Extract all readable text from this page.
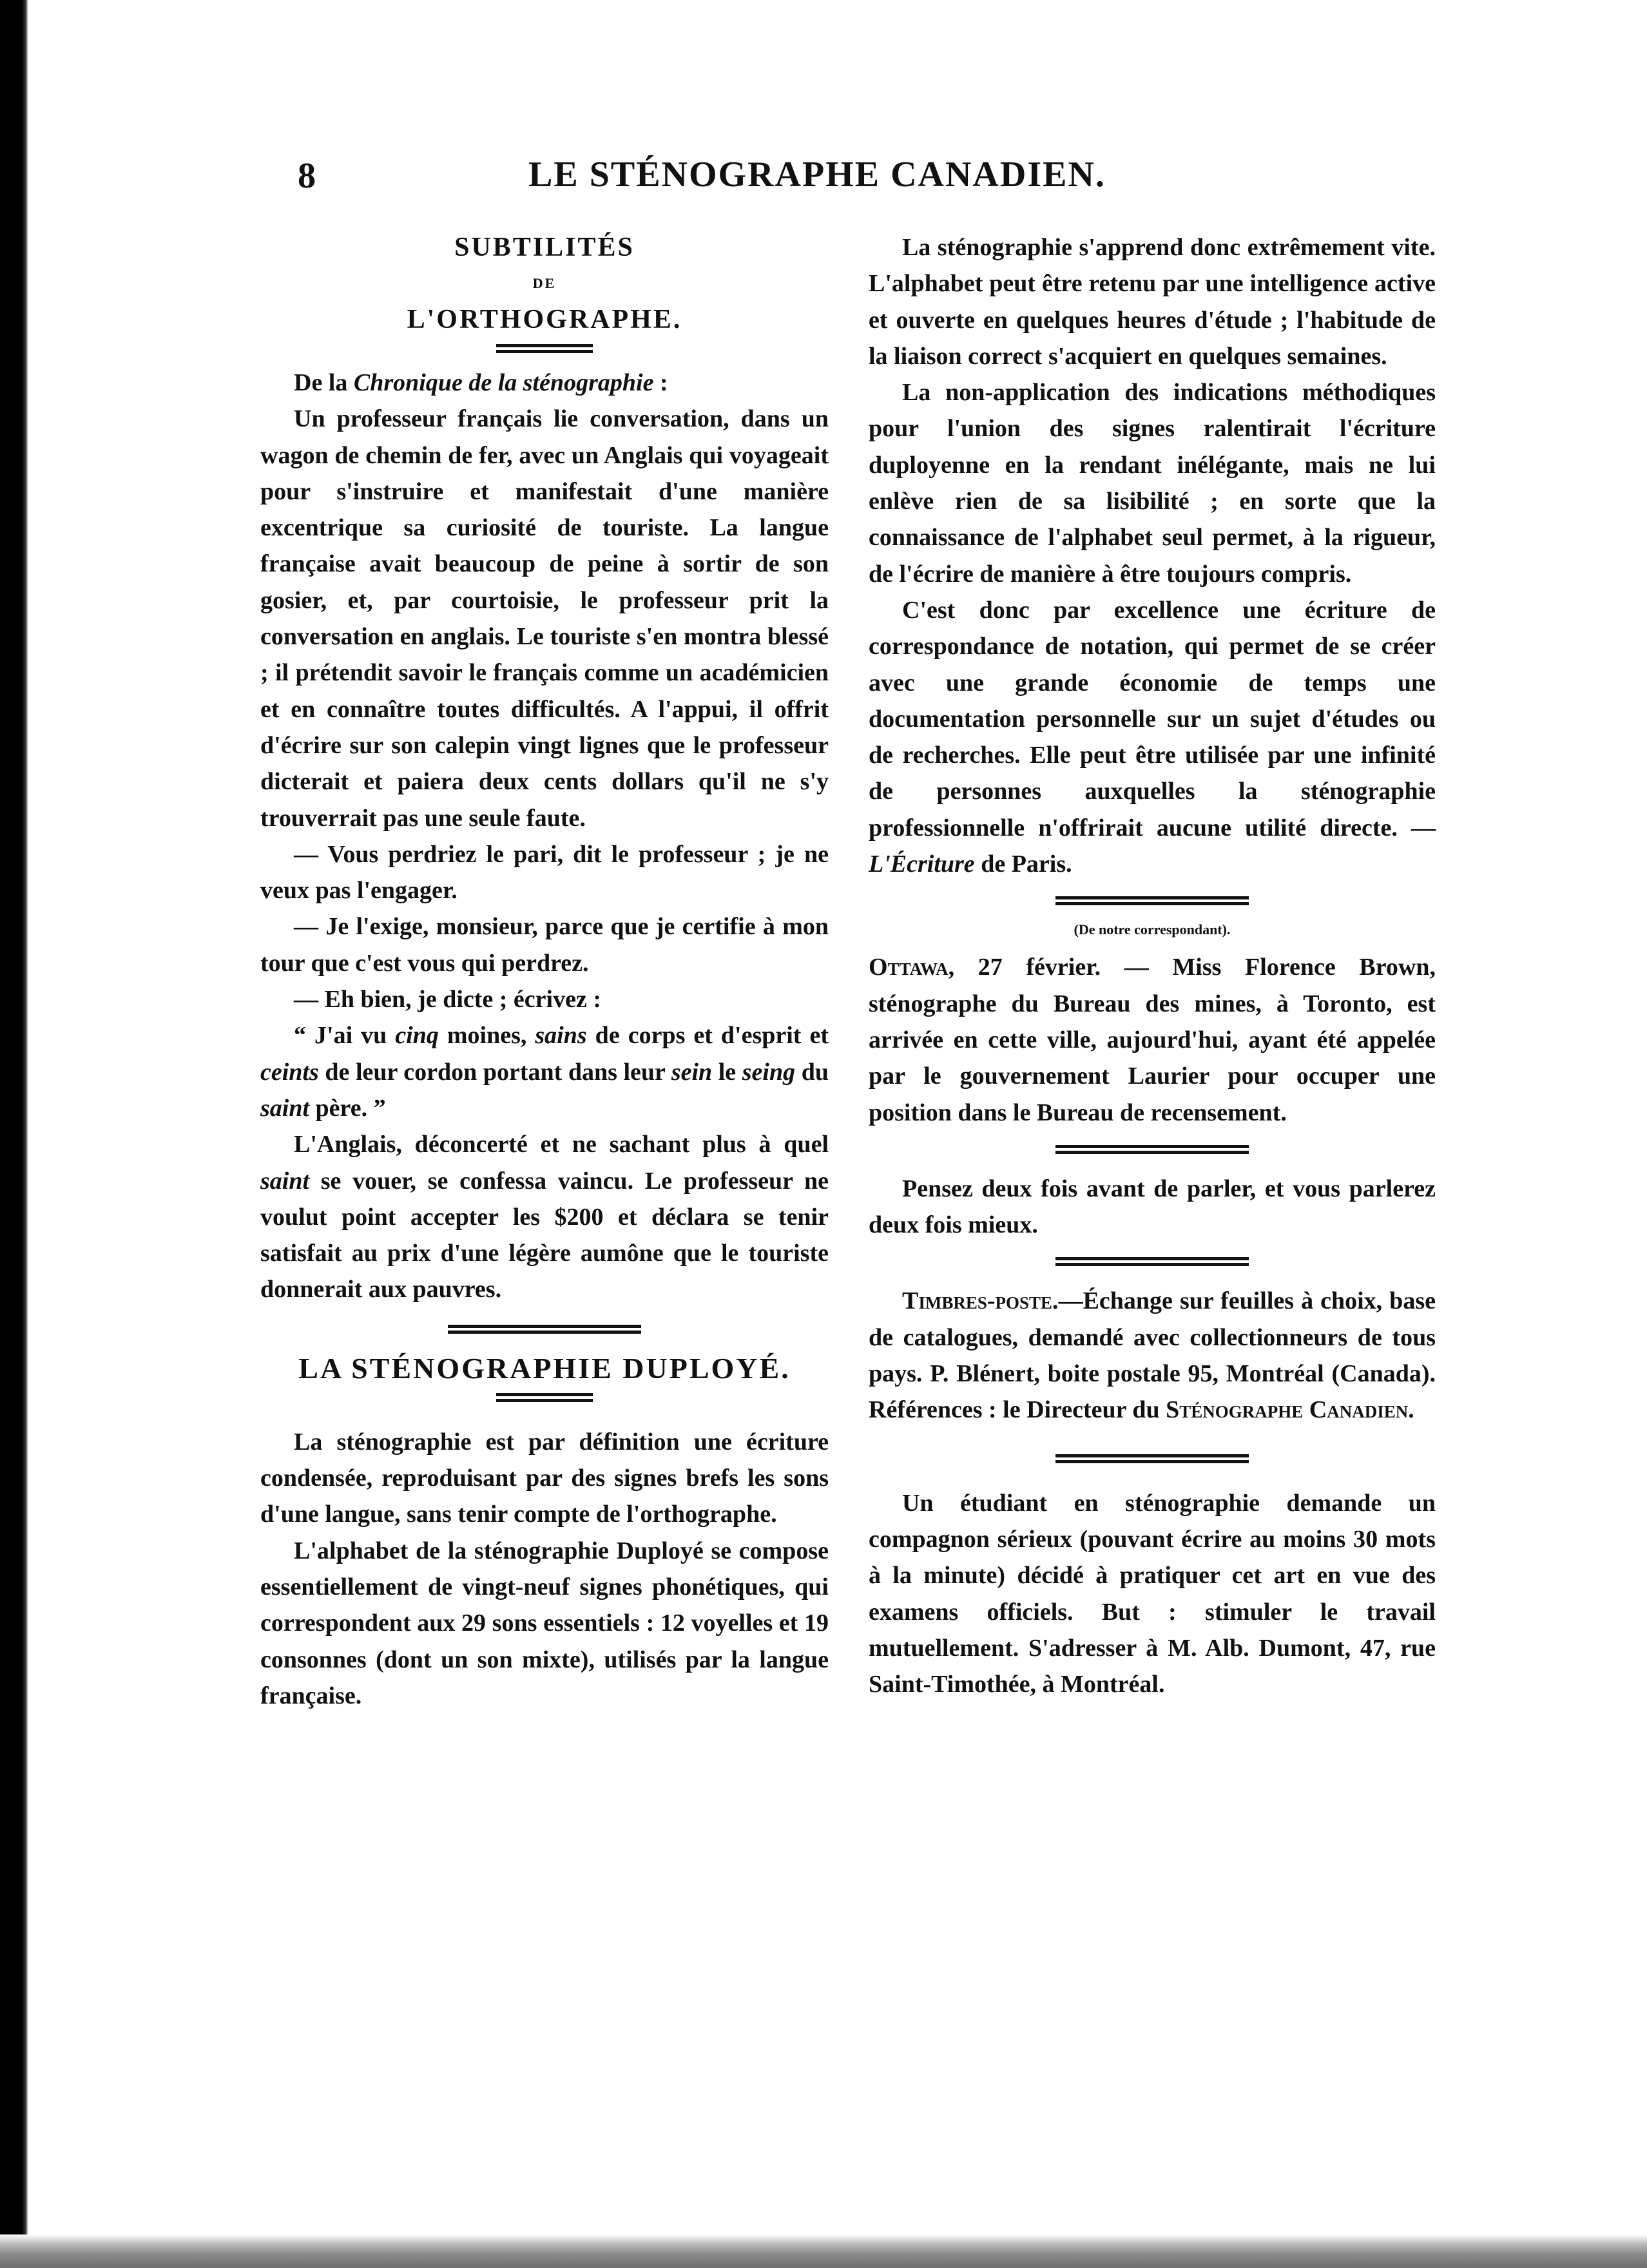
8	LE STÉNOGRAPHE CANADIEN.
SUBTILITÉS
DE
L'ORTHOGRAPHE.

De la Chronique de la sténographie :

Un professeur français lie conversation, dans un wagon de chemin de fer, avec un Anglais qui voyageait pour s'instruire et manifestait d'une manière excentrique sa curiosité de touriste. La langue française avait beaucoup de peine à sortir de son gosier, et, par courtoisie, le professeur prit la conversation en anglais. Le touriste s'en montra blessé ; il prétendit savoir le français comme un académicien et en connaître toutes difficultés. A l'appui, il offrit d'écrire sur son calepin vingt lignes que le professeur dicterait et paiera deux cents dollars qu'il ne s'y trouverrait pas une seule faute.

— Vous perdriez le pari, dit le professeur ; je ne veux pas l'engager.

— Je l'exige, monsieur, parce que je certifie à mon tour que c'est vous qui perdrez.

— Eh bien, je dicte ; écrivez :

“ J'ai vu cinq moines, sains de corps et d'esprit et ceints de leur cordon portant dans leur sein le seing du saint père. ”

L'Anglais, déconcerté et ne sachant plus à quel saint se vouer, se confessa vaincu. Le professeur ne voulut point accepter les $200 et déclara se tenir satisfait au prix d'une légère aumône que le touriste donnerait aux pauvres.

LA STÉNOGRAPHIE DUPLOYÉ.

La sténographie est par définition une écriture condensée, reproduisant par des signes brefs les sons d'une langue, sans tenir compte de l'orthographe.

L'alphabet de la sténographie Duployé se compose essentiellement de vingt-neuf signes phonétiques, qui correspondent aux 29 sons essentiels : 12 voyelles et 19 consonnes (dont un son mixte), utilisés par la langue française.

La sténographie s'apprend donc extrêmement vite. L'alphabet peut être retenu par une intelligence active et ouverte en quelques heures d'étude ; l'habitude de la liaison correct s'acquiert en quelques semaines.

La non-application des indications méthodiques pour l'union des signes ralentirait l'écriture duployenne en la rendant inélégante, mais ne lui enlève rien de sa lisibilité ; en sorte que la connaissance de l'alphabet seul permet, à la rigueur, de l'écrire de manière à être toujours compris.

C'est donc par excellence une écriture de correspondance de notation, qui permet de se créer avec une grande économie de temps une documentation personnelle sur un sujet d'études ou de recherches. Elle peut être utilisée par une infinité de personnes auxquelles la sténographie professionnelle n'offrirait aucune utilité directe. — L'Écriture de Paris.

(De notre correspondant).

Ottawa, 27 février. — Miss Florence Brown, sténographe du Bureau des mines, à Toronto, est arrivée en cette ville, aujourd'hui, ayant été appelée par le gouvernement Laurier pour occuper une position dans le Bureau de recensement.

Pensez deux fois avant de parler, et vous parlerez deux fois mieux.

Timbres-poste.—Échange sur feuilles à choix, base de catalogues, demandé avec collectionneurs de tous pays. P. Blénert, boite postale 95, Montréal (Canada). Références : le Directeur du Sténographe Canadien.

Un étudiant en sténographie demande un compagnon sérieux (pouvant écrire au moins 30 mots à la minute) décidé à pratiquer cet art en vue des examens officiels. But : stimuler le travail mutuellement. S'adresser à M. Alb. Dumont, 47, rue Saint-Timothée, à Montréal.
